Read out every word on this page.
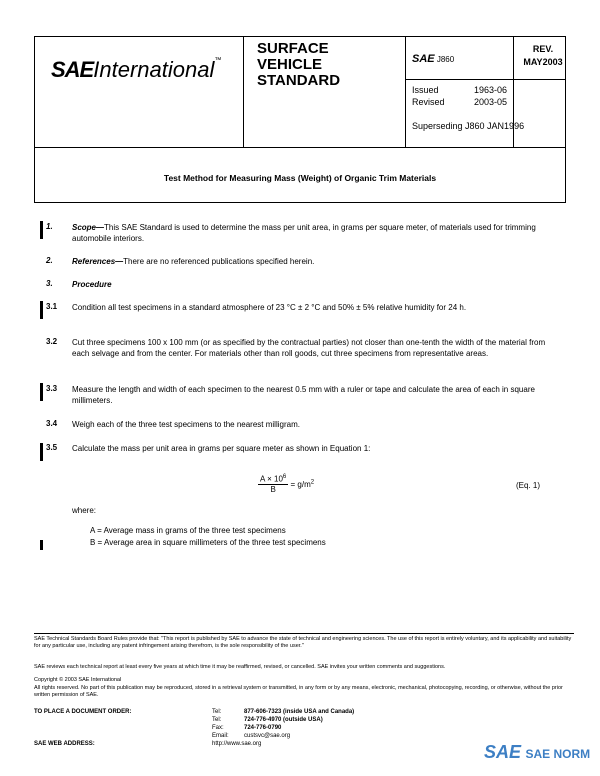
SAEInternational™
SURFACE
VEHICLE
STANDARD
SAE J860
REV.
MAY2003
Issued	1963-06
Revised	2003-05
Superseding J860 JAN1996
Test Method for Measuring Mass (Weight) of Organic Trim Materials
1. Scope—This SAE Standard is used to determine the mass per unit area, in grams per square meter, of materials used for trimming automobile interiors.
2. References—There are no referenced publications specified herein.
3. Procedure
3.1 Condition all test specimens in a standard atmosphere of 23 °C ± 2 °C and 50% ± 5% relative humidity for 24 h.
3.2 Cut three specimens 100 x 100 mm (or as specified by the contractual parties) not closer than one-tenth the width of the material from each selvage and from the center. For materials other than roll goods, cut three specimens from representative areas.
3.3 Measure the length and width of each specimen to the nearest 0.5 mm with a ruler or tape and calculate the area of each in square millimeters.
3.4 Weigh each of the three test specimens to the nearest milligram.
3.5 Calculate the mass per unit area in grams per square meter as shown in Equation 1:
$\frac{A \times 10^6}{B} = g/m^2$	(Eq. 1)
where:
A = Average mass in grams of the three test specimens
B = Average area in square millimeters of the three test specimens
SAE Technical Standards Board Rules provide that: "This report is published by SAE to advance the state of technical and engineering sciences. The use of this report is entirely voluntary, and its applicability and suitability for any particular use, including any patent infringement arising therefrom, is the sole responsibility of the user."
SAE reviews each technical report at least every five years at which time it may be reaffirmed, revised, or cancelled. SAE invites your written comments and suggestions.
Copyright © 2003 SAE International
All rights reserved. No part of this publication may be reproduced, stored in a retrieval system or transmitted, in any form or by any means, electronic, mechanical, photocopying, recording, or otherwise, without the prior written permission of SAE.
TO PLACE A DOCUMENT ORDER:	Tel:	877-606-7323 (inside USA and Canada)
Tel:	724-776-4970 (outside USA)
Fax:	724-776-0790
Email:	custsvc@sae.org
SAE WEB ADDRESS:	http://www.sae.org	SAE SAE NORM
